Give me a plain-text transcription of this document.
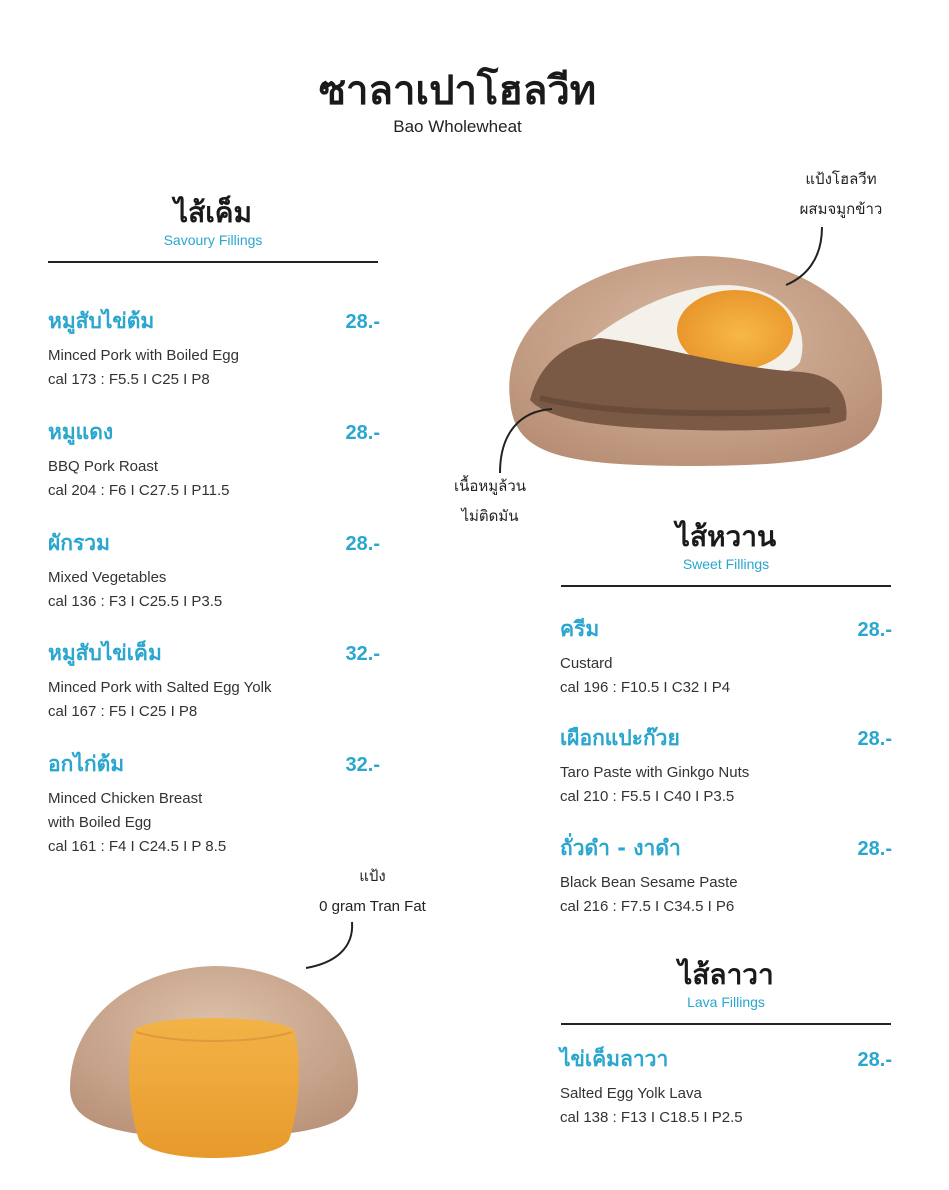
ซาลาเปาโฮลวีท
Bao Wholewheat
ไส้เค็ม
Savoury Fillings
หมูสับไข่ต้ม	28.-
Minced Pork with Boiled Egg
cal 173 : F5.5 I C25 I P8
หมูแดง	28.-
BBQ Pork Roast
cal 204 : F6 I C27.5 I P11.5
ผักรวม	28.-
Mixed Vegetables
cal 136 : F3 I C25.5 I P3.5
หมูสับไข่เค็ม	32.-
Minced Pork with Salted Egg Yolk
cal 167 : F5 I C25 I P8
อกไก่ต้ม	32.-
Minced Chicken Breast
with Boiled Egg
cal 161 : F4 I C24.5 I P 8.5
แป้งโฮลวีท
ผสมจมูกข้าว
เนื้อหมูล้วน
ไม่ติดมัน
ไส้หวาน
Sweet Fillings
ครีม	28.-
Custard
cal 196 : F10.5 I C32 I P4
เผือกแปะก๊วย	28.-
Taro Paste with Ginkgo Nuts
cal 210 : F5.5 I C40 I P3.5
ถั่วดำ - งาดำ	28.-
Black Bean Sesame Paste
cal 216 : F7.5 I C34.5 I P6
ไส้ลาวา
Lava Fillings
ไข่เค็มลาวา	28.-
Salted Egg Yolk Lava
cal 138 : F13 I C18.5 I P2.5
แป้ง
0 gram Tran Fat
